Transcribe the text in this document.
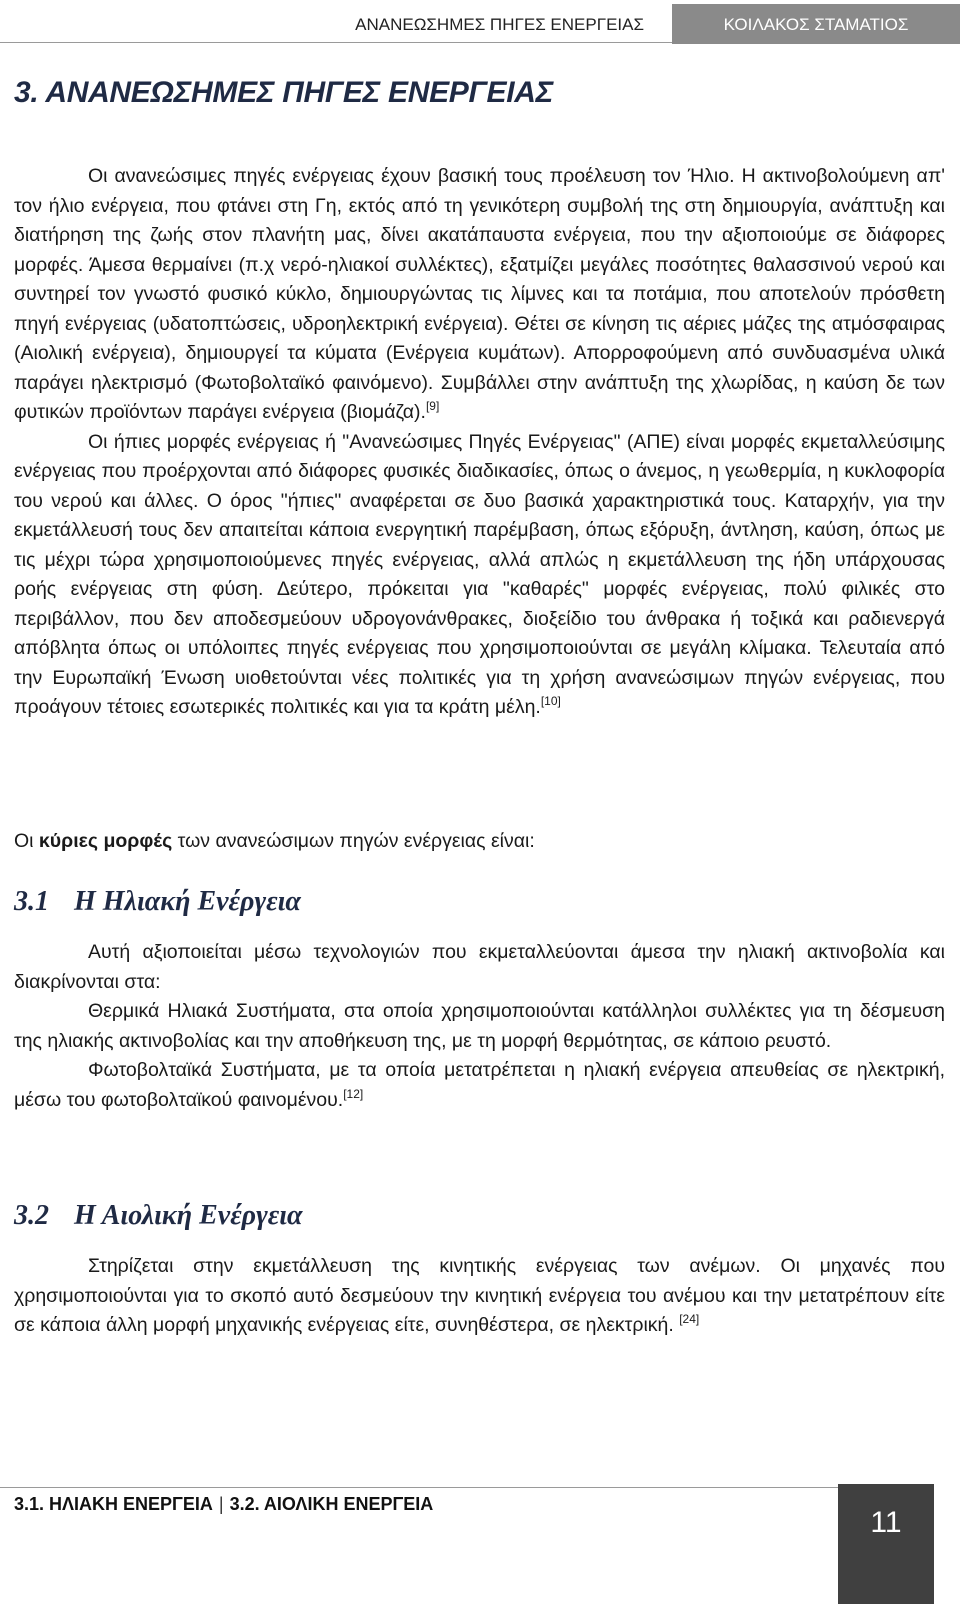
ΑΝΑΝΕΩΣΗΜΕΣ ΠΗΓΕΣ ΕΝΕΡΓΕΙΑΣ	ΚΟΙΛΑΚΟΣ ΣΤΑΜΑΤΙΟΣ
3. ΑΝΑΝΕΩΣΗΜΕΣ ΠΗΓΕΣ ΕΝΕΡΓΕΙΑΣ

Οι ανανεώσιμες πηγές ενέργειας έχουν βασική τους προέλευση τον Ήλιο. Η ακτινοβολούμενη απ' τον ήλιο ενέργεια, που φτάνει στη Γη, εκτός από τη γενικότερη συμβολή της στη δημιουργία, ανάπτυξη και διατήρηση της ζωής στον πλανήτη μας, δίνει ακατάπαυστα ενέργεια, που την αξιοποιούμε σε διάφορες μορφές. Άμεσα θερμαίνει (π.χ νερό-ηλιακοί συλλέκτες), εξατμίζει μεγάλες ποσότητες θαλασσινού νερού και συντηρεί τον γνωστό φυσικό κύκλο, δημιουργώντας τις λίμνες και τα ποτάμια, που αποτελούν πρόσθετη πηγή ενέργειας (υδατοπτώσεις, υδροηλεκτρική ενέργεια). Θέτει σε κίνηση τις αέριες μάζες της ατμόσφαιρας (Αιολική ενέργεια), δημιουργεί τα κύματα (Ενέργεια κυμάτων). Απορροφούμενη από συνδυασμένα υλικά παράγει ηλεκτρισμό (Φωτοβολταϊκό φαινόμενο). Συμβάλλει στην ανάπτυξη της χλωρίδας, η καύση δε των φυτικών προϊόντων παράγει ενέργεια (βιομάζα).[9]

Οι ήπιες μορφές ενέργειας ή "Ανανεώσιμες Πηγές Ενέργειας" (ΑΠΕ) είναι μορφές εκμεταλλεύσιμης ενέργειας που προέρχονται από διάφορες φυσικές διαδικασίες, όπως ο άνεμος, η γεωθερμία, η κυκλοφορία του νερού και άλλες. Ο όρος "ήπιες" αναφέρεται σε δυο βασικά χαρακτηριστικά τους. Καταρχήν, για την εκμετάλλευσή τους δεν απαιτείται κάποια ενεργητική παρέμβαση, όπως εξόρυξη, άντληση, καύση, όπως με τις μέχρι τώρα χρησιμοποιούμενες πηγές ενέργειας, αλλά απλώς η εκμετάλλευση της ήδη υπάρχουσας ροής ενέργειας στη φύση. Δεύτερο, πρόκειται για "καθαρές" μορφές ενέργειας, πολύ φιλικές στο περιβάλλον, που δεν αποδεσμεύουν υδρογονάνθρακες, διοξείδιο του άνθρακα ή τοξικά και ραδιενεργά απόβλητα όπως οι υπόλοιπες πηγές ενέργειας που χρησιμοποιούνται σε μεγάλη κλίμακα. Τελευταία από την Ευρωπαϊκή Ένωση υιοθετούνται νέες πολιτικές για τη χρήση ανανεώσιμων πηγών ενέργειας, που προάγουν τέτοιες εσωτερικές πολιτικές και για τα κράτη μέλη.[10]

Οι κύριες μορφές των ανανεώσιμων πηγών ενέργειας είναι:

3.1 Η Ηλιακή Ενέργεια

Αυτή αξιοποιείται μέσω τεχνολογιών που εκμεταλλεύονται άμεσα την ηλιακή ακτινοβολία και διακρίνονται στα:

Θερμικά Ηλιακά Συστήματα, στα οποία χρησιμοποιούνται κατάλληλοι συλλέκτες για τη δέσμευση της ηλιακής ακτινοβολίας και την αποθήκευση της, με τη μορφή θερμότητας, σε κάποιο ρευστό.

Φωτοβολταϊκά Συστήματα, με τα οποία μετατρέπεται η ηλιακή ενέργεια απευθείας σε ηλεκτρική, μέσω του φωτοβολταϊκού φαινομένου.[12]

3.2 Η Αιολική Ενέργεια

Στηρίζεται στην εκμετάλλευση της κινητικής ενέργειας των ανέμων. Οι μηχανές που χρησιμοποιούνται για το σκοπό αυτό δεσμεύουν την κινητική ενέργεια του ανέμου και την μετατρέπουν είτε σε κάποια άλλη μορφή μηχανικής ενέργειας είτε, συνηθέστερα, σε ηλεκτρική. [24]

3.1. ΗΛΙΑΚΗ ΕΝΕΡΓΕΙΑ | 3.2. ΑΙΟΛΙΚΗ ΕΝΕΡΓΕΙΑ
11
